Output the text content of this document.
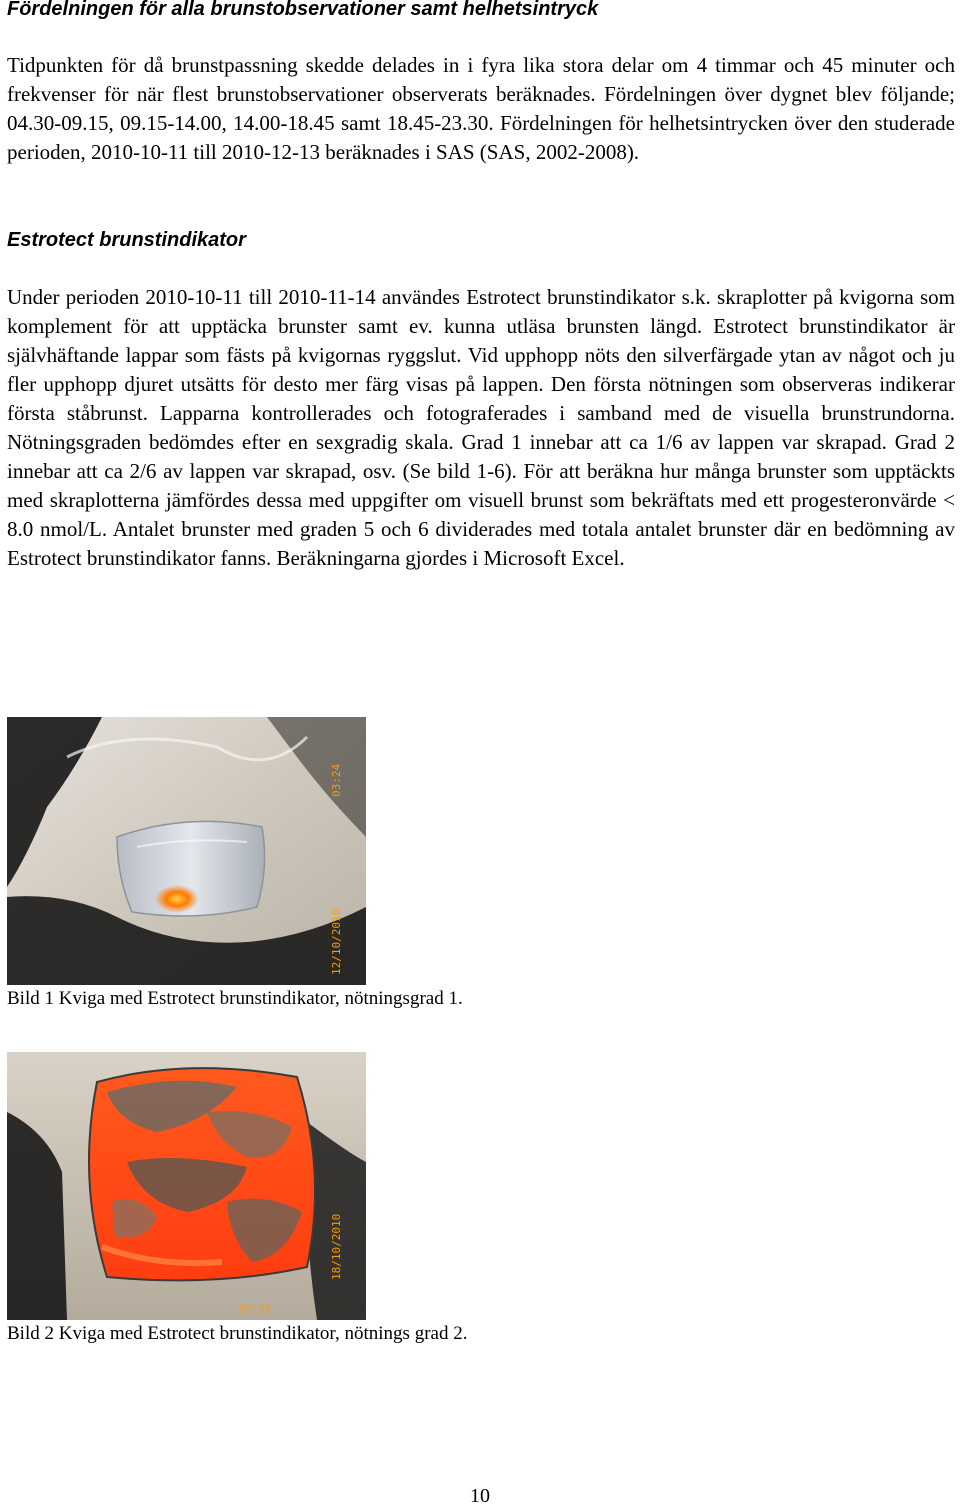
Fördelningen för alla brunstobservationer samt helhetsintryck

Tidpunkten för då brunstpassning skedde delades in i fyra lika stora delar om 4 timmar och 45 minuter och frekvenser för när flest brunstobservationer observerats beräknades. Fördelningen över dygnet blev följande; 04.30-09.15, 09.15-14.00, 14.00-18.45 samt 18.45-23.30. Fördelningen för helhetsintrycken över den studerade perioden, 2010-10-11 till 2010-12-13 beräknades i SAS (SAS, 2002-2008).

Estrotect brunstindikator

Under perioden 2010-10-11 till 2010-11-14 användes Estrotect brunstindikator s.k. skraplotter på kvigorna som komplement för att upptäcka brunster samt ev. kunna utläsa brunsten längd. Estrotect brunstindikator är självhäftande lappar som fästs på kvigornas ryggslut. Vid upphopp nöts den silverfärgade ytan av något och ju fler upphopp djuret utsätts för desto mer färg visas på lappen. Den första nötningen som observeras indikerar första ståbrunst. Lapparna kontrollerades och fotograferades i samband med de visuella brunstrundorna. Nötningsgraden bedömdes efter en sexgradig skala. Grad 1 innebar att ca 1/6 av lappen var skrapad. Grad 2 innebar att ca 2/6 av lappen var skrapad, osv. (Se bild 1-6). För att beräkna hur många brunster som upptäckts med skraplotterna jämfördes dessa med uppgifter om visuell brunst som bekräftats med ett progesteronvärde < 8.0 nmol/L. Antalet brunster med graden 5 och 6 dividerades med totala antalet brunster där en bedömning av Estrotect brunstindikator fanns. Beräkningarna gjordes i Microsoft Excel.

12/10/2010
03:24

Bild 1 Kviga med Estrotect brunstindikator, nötningsgrad 1.

18/10/2010
12:31

Bild 2 Kviga med Estrotect brunstindikator, nötnings grad 2.

10
